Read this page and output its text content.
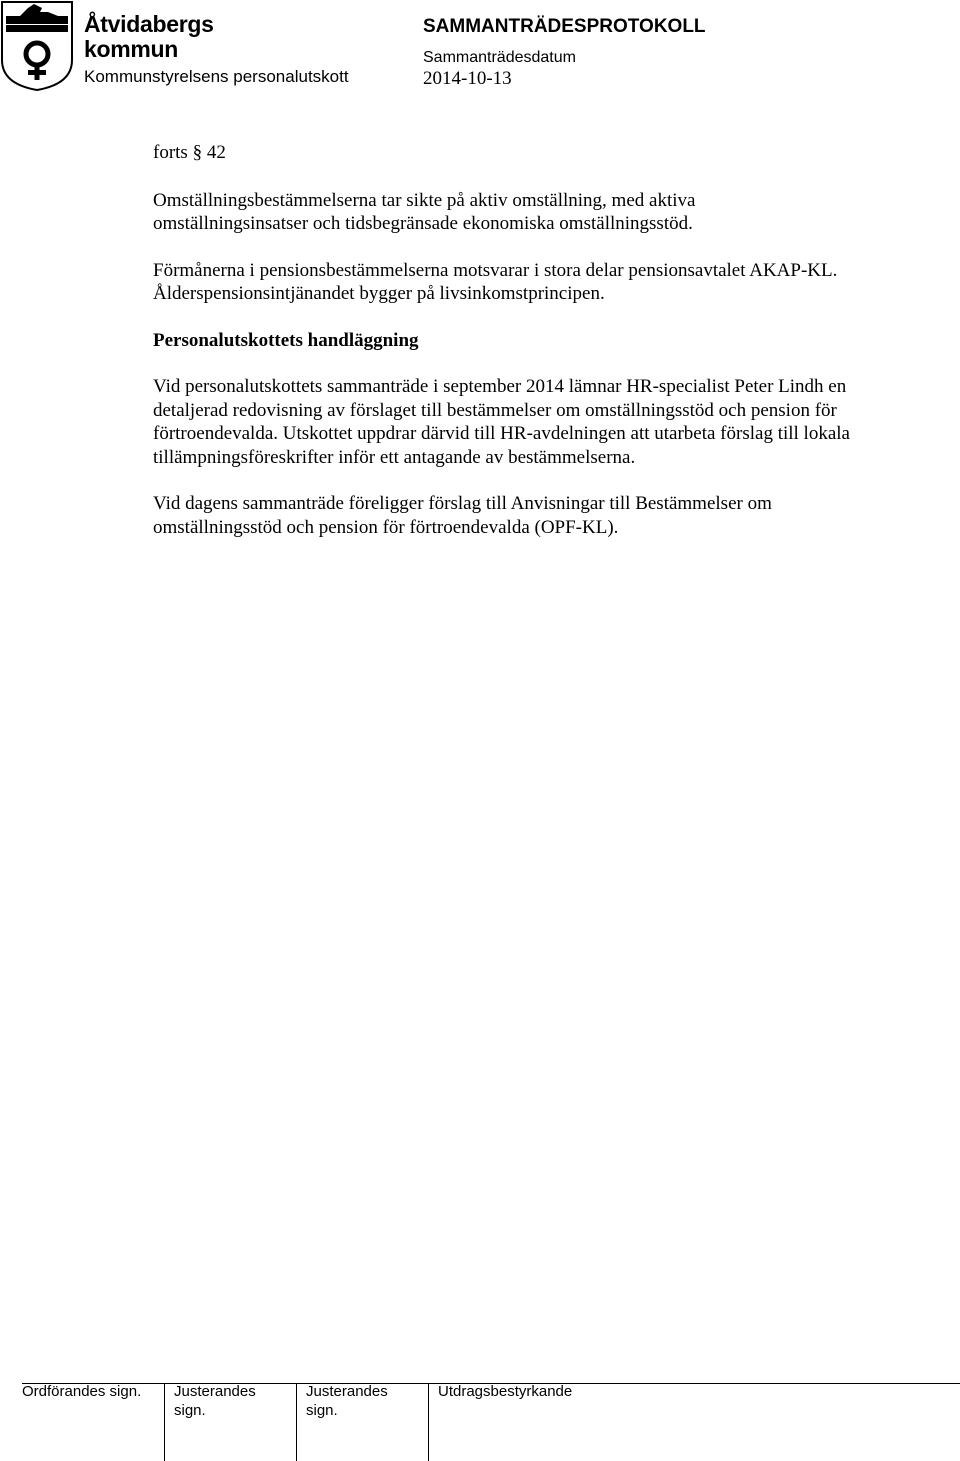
Åtvidabergs
kommun
Kommunstyrelsens personalutskott
SAMMANTRÄDESPROTOKOLL
Sammanträdesdatum
2014-10-13

forts § 42

Omställningsbestämmelserna tar sikte på aktiv omställning, med aktiva omställningsinsatser och tidsbegränsade ekonomiska omställningsstöd.

Förmånerna i pensionsbestämmelserna motsvarar i stora delar pensionsavtalet AKAP-KL. Ålderspensionsintjänandet bygger på livsinkomstprincipen.

Personalutskottets handläggning

Vid personalutskottets sammanträde i september 2014 lämnar HR-specialist Peter Lindh en detaljerad redovisning av förslaget till bestämmelser om omställningsstöd och pension för förtroendevalda. Utskottet uppdrar därvid till HR-avdelningen att utarbeta förslag till lokala tillämpningsföreskrifter inför ett antagande av bestämmelserna.

Vid dagens sammanträde föreligger förslag till Anvisningar till Bestämmelser om omställningsstöd och pension för förtroendevalda (OPF-KL).

Ordförandes sign. Justerandes
sign.
Justerandes
sign.
Utdragsbestyrkande
